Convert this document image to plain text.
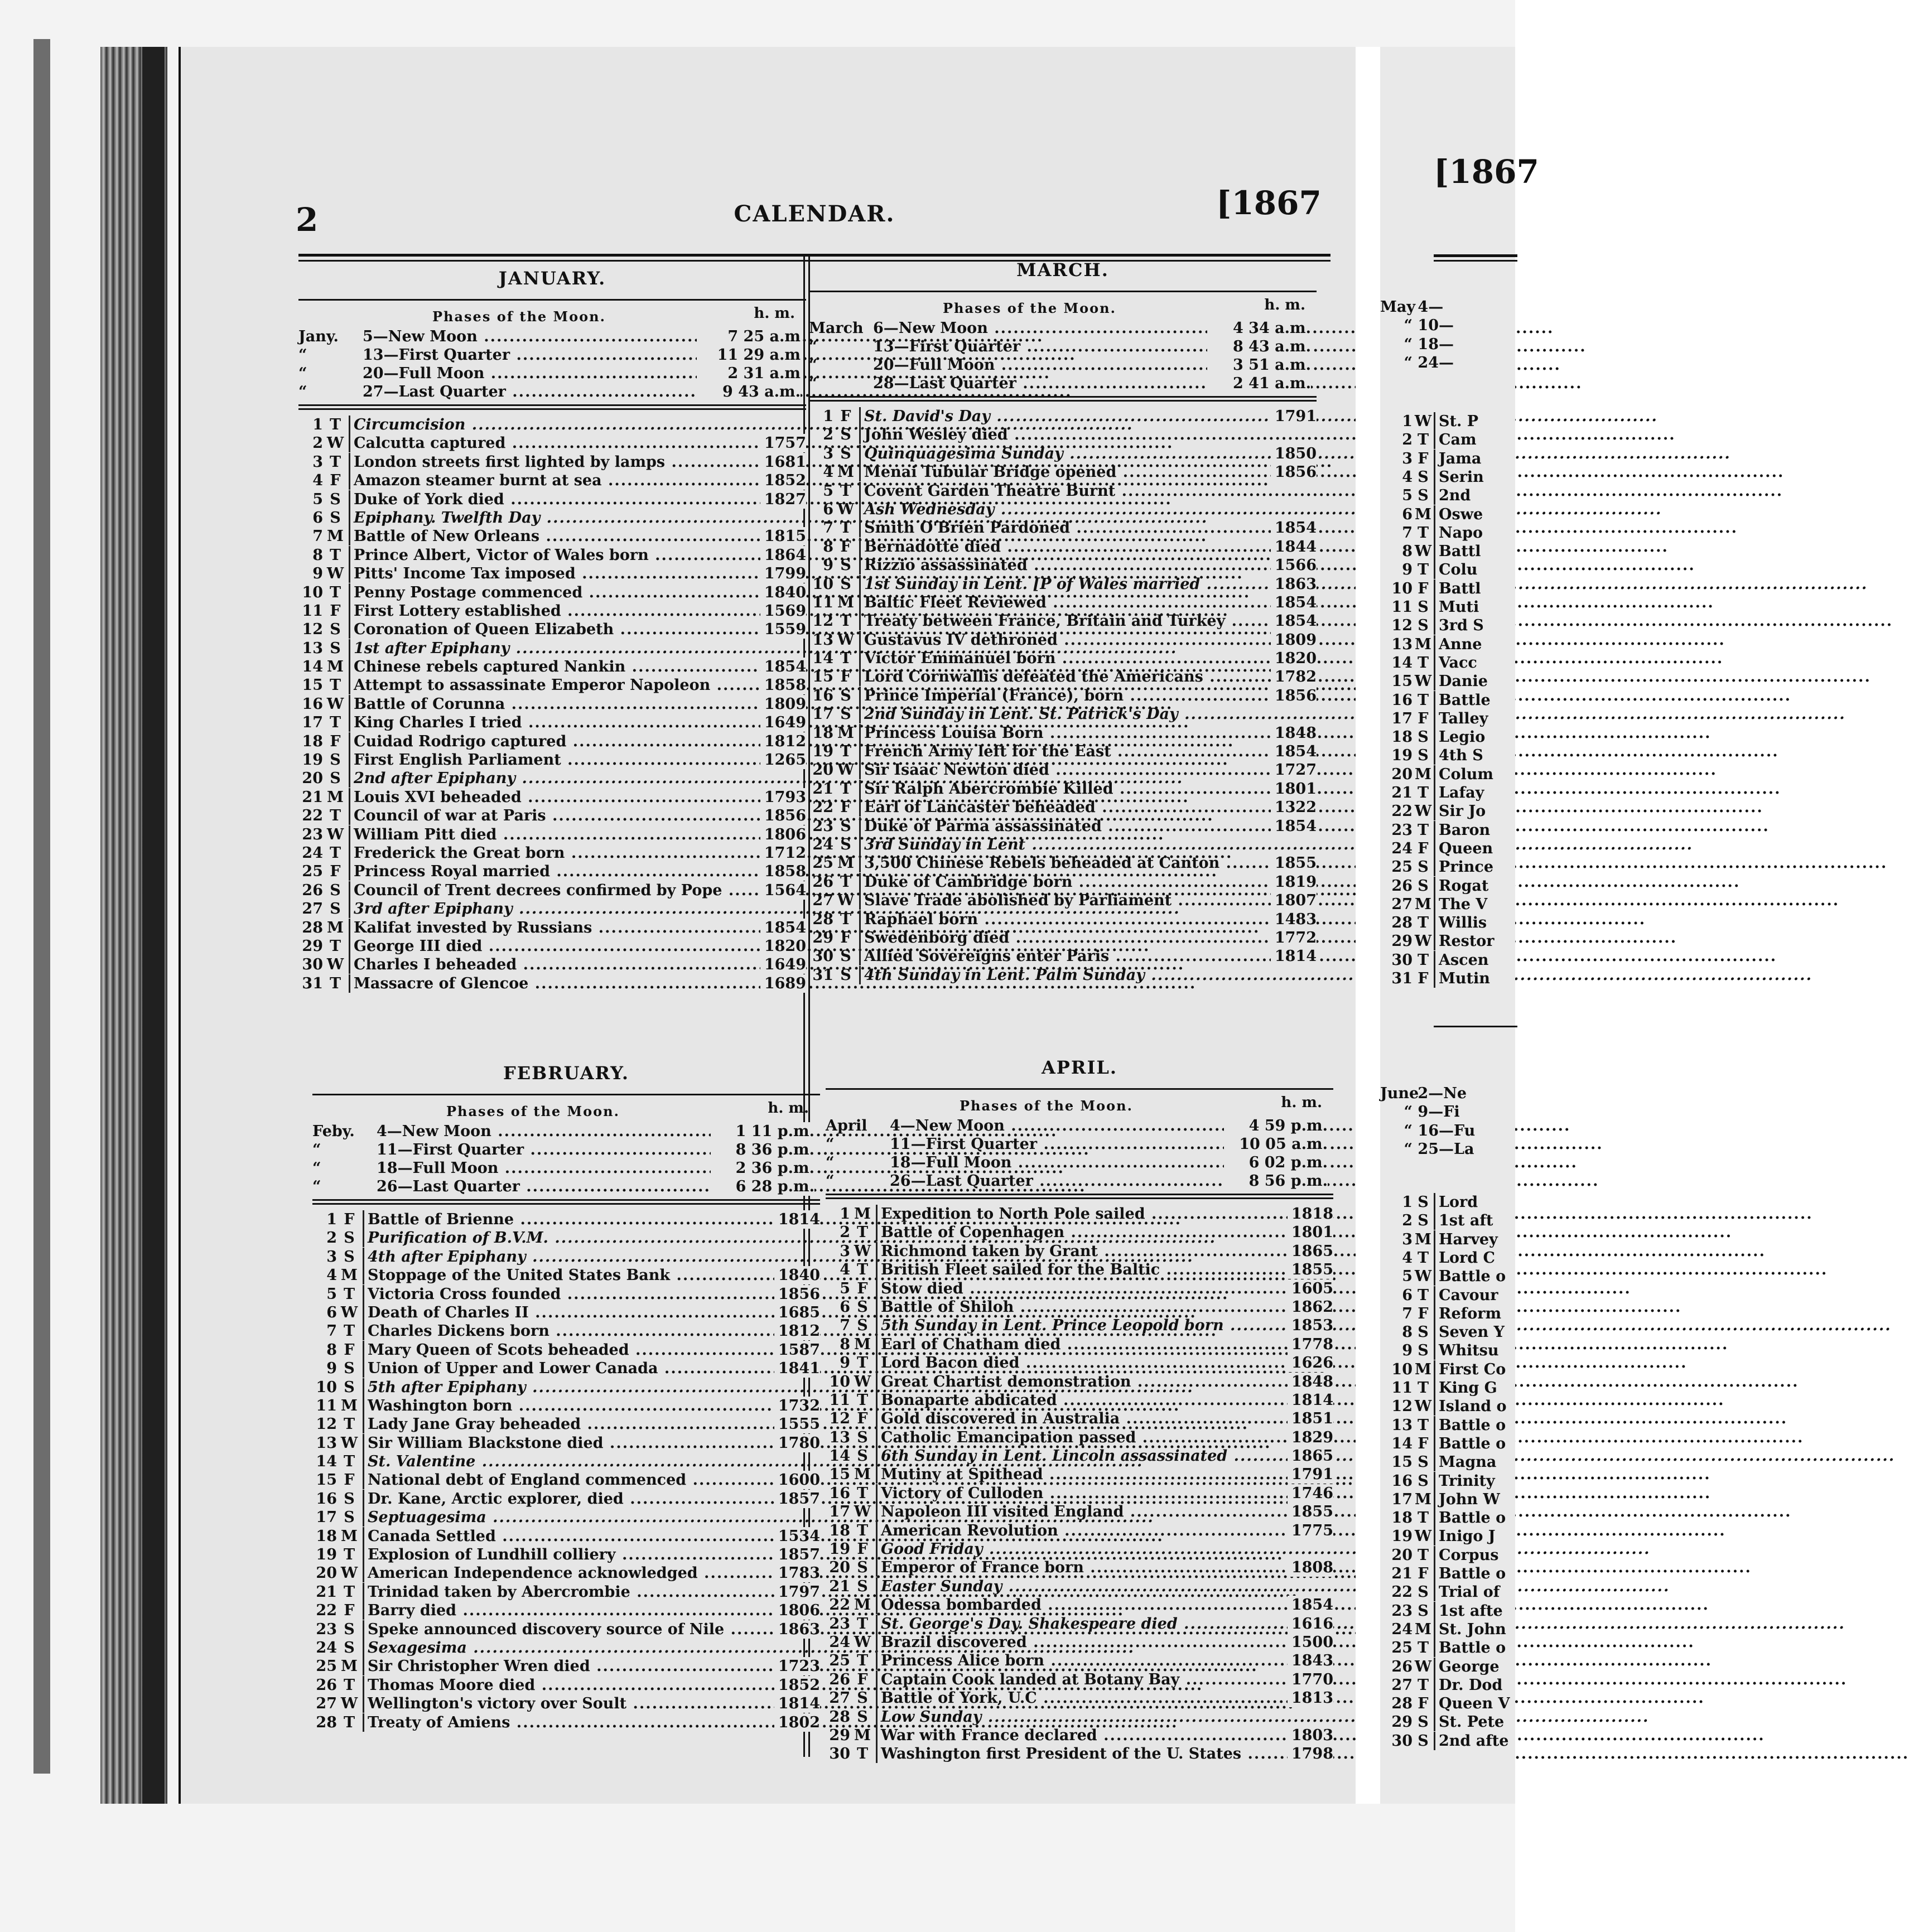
2	CALENDAR.	[1867
JANUARY.
Phases of the Moon.	h. m.
Jany.	5—New Moon .....	7 25 a.m
“	13—First Quarter .....	11 29 a.m
“	20—Full Moon .....	2 31 a.m
“	27—Last Quarter .....	9 43 a.m.
1 T Circumcision .....
2 W Calcutta captured .....	1757
3 T London streets first lighted by lamps .....	1681
4 F Amazon steamer burnt at sea .....	1852
5 S Duke of York died .....	1827
6 S Epiphany. Twelfth Day .....
7 M Battle of New Orleans .....	1815
8 T Prince Albert, Victor of Wales born .....	1864
9 W Pitts' Income Tax imposed .....	1799
10 T Penny Postage commenced .....	1840
11 F First Lottery established .....	1569
12 S Coronation of Queen Elizabeth .....	1559
13 S 1st after Epiphany .....
14 M Chinese rebels captured Nankin .....	1854
15 T Attempt to assassinate Emperor Napoleon .....	1858
16 W Battle of Corunna .....	1809
17 T King Charles I tried .....	1649
18 F Cuidad Rodrigo captured .....	1812
19 S First English Parliament .....	1265
20 S 2nd after Epiphany .....
21 M Louis XVI beheaded .....	1793
22 T Council of war at Paris .....	1856
23 W William Pitt died .....	1806
24 T Frederick the Great born .....	1712
25 F Princess Royal married .....	1858
26 S Council of Trent decrees confirmed by Pope .....	1564
27 S 3rd after Epiphany .....
28 M Kalifat invested by Russians .....	1854
29 T George III died .....	1820
30 W Charles I beheaded .....	1649
31 T Massacre of Glencoe .....	1689
FEBRUARY.
Phases of the Moon.	h. m.
Feby.	4—New Moon .....	1 11 p.m.
“	11—First Quarter .....	8 36 p.m.
“	18—Full Moon .....	2 36 p.m.
“	26—Last Quarter .....	6 28 p.m.
1 F Battle of Brienne .....	1814
2 S Purification of B.V.M. .....
3 S 4th after Epiphany .....
4 M Stoppage of the United States Bank .....	1840
5 T Victoria Cross founded .....	1856
6 W Death of Charles II .....	1685
7 T Charles Dickens born .....	1812
8 F Mary Queen of Scots beheaded .....	1587
9 S Union of Upper and Lower Canada .....	1841
10 S 5th after Epiphany .....
11 M Washington born .....	1732
12 T Lady Jane Gray beheaded .....	1555
13 W Sir William Blackstone died .....	1780
14 T St. Valentine .....
15 F National debt of England commenced .....	1600
16 S Dr. Kane, Arctic explorer, died .....	1857
17 S Septuagesima .....
18 M Canada Settled .....	1534
19 T Explosion of Lundhill colliery .....	1857
20 W American Independence acknowledged .....	1783
21 T Trinidad taken by Abercrombie .....	1797
22 F Barry died .....	1806
23 S Speke announced discovery source of Nile .....	1863
24 S Sexagesima .....
25 M Sir Christopher Wren died .....	1723
26 T Thomas Moore died .....	1852
27 W Wellington's victory over Soult .....	1814
28 T Treaty of Amiens .....	1802
MARCH.
Phases of the Moon.	h. m.
March 6—New Moon .....	4 34 a.m.
“	13—First Quarter .....	8 43 a.m.
“	20—Full Moon .....	3 51 a.m.
“	28—Last Quarter .....	2 41 a.m.
1 F St. David's Day .....	1791
2 S John Wesley died .....
3 S Quinquagesima Sunday .....	1850
4 M Menai Tubular Bridge opened .....	1856
5 T Covent Garden Theatre Burnt .....
6 W Ash Wednesday .....
7 T Smith O'Brien Pardoned .....	1854
8 F Bernadotte died .....	1844
9 S Rizzio assassinated .....	1566
10 S 1st Sunday in Lent. [P of Wales married .....	1863
11 M Baltic Fleet Reviewed .....	1854
12 T Treaty between France, Britain and Turkey .....	1854
13 W Gustavus IV dethroned .....	1809
14 T Victor Emmanuel born .....	1820
15 F Lord Cornwallis defeated the Americans .....	1782
16 S Prince Imperial (France), born .....	1856
17 S 2nd Sunday in Lent. St. Patrick's Day .....
18 M Princess Louisa Born .....	1848
19 T French Army left for the East .....	1854
20 W Sir Isaac Newton died .....	1727
21 T Sir Ralph Abercrombie Killed .....	1801
22 F Earl of Lancaster beheaded .....	1322
23 S Duke of Parma assassinated .....	1854
24 S 3rd Sunday in Lent .....
25 M 3,500 Chinese Rebels beheaded at Canton .....	1855
26 T Duke of Cambridge born .....	1819
27 W Slave Trade abolished by Parliament .....	1807
28 T Raphael born .....	1483
29 F Swedenborg died .....	1772
30 S Allied Sovereigns enter Paris .....	1814
31 S 4th Sunday in Lent. Palm Sunday .....
APRIL.
Phases of the Moon.	h. m.
April	4—New Moon .....	4 59 p.m.
“	11—First Quarter .....	10 05 a.m.
“	18—Full Moon .....	6 02 p.m.
“	26—Last Quarter .....	8 56 p.m.
1 M Expedition to North Pole sailed .....	1818
2 T Battle of Copenhagen .....	1801
3 W Richmond taken by Grant .....	1865
4 T British Fleet sailed for the Baltic .....	1855
5 F Stow died .....	1605
6 S Battle of Shiloh .....	1862
7 S 5th Sunday in Lent. Prince Leopold born .....	1853
8 M Earl of Chatham died .....	1778
9 T Lord Bacon died .....	1626
10 W Great Chartist demonstration .....	1848
11 T Bonaparte abdicated .....	1814
12 F Gold discovered in Australia .....	1851
13 S Catholic Emancipation passed .....	1829
14 S 6th Sunday in Lent. Lincoln assassinated .....	1865
15 M Mutiny at Spithead .....	1791
16 T Victory of Culloden .....	1746
17 W Napoleon III visited England .....	1855
18 T American Revolution .....	1775
19 F Good Friday .....
20 S Emperor of France born .....	1808
21 S Easter Sunday .....
22 M Odessa bombarded .....	1854
23 T St. George's Day. Shakespeare died .....	1616
24 W Brazil discovered .....	1500
25 T Princess Alice born .....	1843
26 F Captain Cook landed at Botany Bay .....	1770
27 S Battle of York, U.C .....	1813
28 S Low Sunday .....
29 M War with France declared .....	1803
30 T Washington first President of the U. States .....	1798
[1867
May 4—
“ 10—
“ 18—
“ 24—
1 W St. P
2 T Cam
3 F Jama
4 S Serin
5 S 2nd
6 M Oswe
7 T Napo
8 W Battl
9 T Colu
10 F Battl
11 S Muti
12 S 3rd S
13 M Anne
14 T Vacc
15 W Danie
16 T Battle
17 F Talley
18 S Legio
19 S 4th S
20 M Colum
21 T Lafay
22 W Sir Jo
23 T Baron
24 F Queen
25 S Prince
26 S Rogat
27 M The V
28 T Willis
29 W Restor
30 T Ascen
31 F Mutin
June 2—Ne
“ 9—Fi
“ 16—Fu
“ 25—La
1 S Lord
2 S 1st aft
3 M Harvey
4 T Lord C
5 W Battle o
6 T Cavour
7 F Reform
8 S Seven Y
9 S Whitsu
10 M First Co
11 T King G
12 W Island o
13 T Battle o
14 F Battle o
15 S Magna
16 S Trinity
17 M John W
18 T Battle o
19 W Inigo J
20 T Corpus
21 F Battle o
22 S Trial of
23 S 1st afte
24 M St. John
25 T Battle o
26 W George
27 T Dr. Dod
28 F Queen V
29 S St. Pete
30 S 2nd afte
